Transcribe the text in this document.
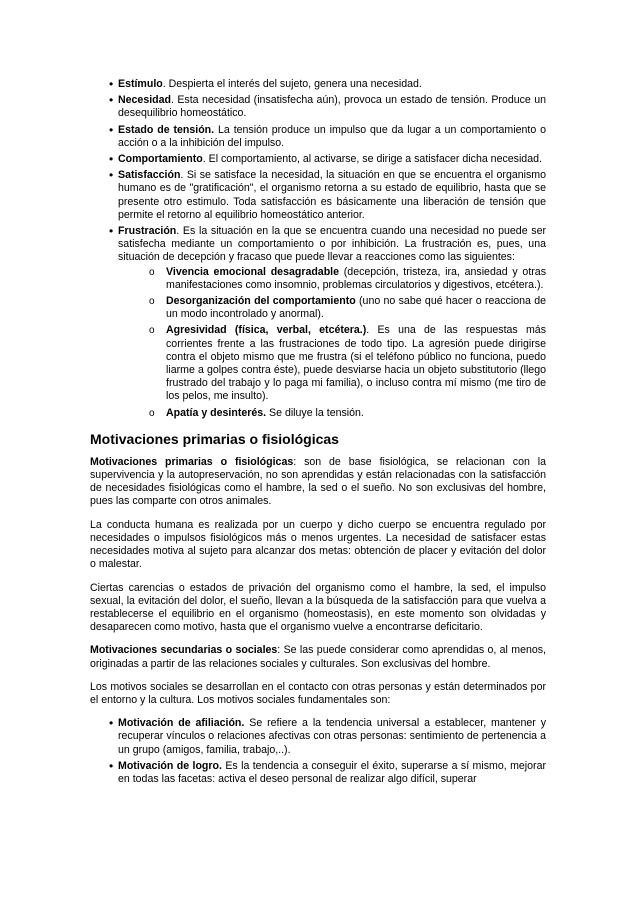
• Estímulo. Despierta el interés del sujeto, genera una necesidad.
• Necesidad. Esta necesidad (insatisfecha aún), provoca un estado de tensión. Produce un desequilibrio homeostático.
• Estado de tensión. La tensión produce un impulso que da lugar a un comportamiento o acción o a la inhibición del impulso.
• Comportamiento. El comportamiento, al activarse, se dirige a satisfacer dicha necesidad.
• Satisfacción. Si se satisface la necesidad, la situación en que se encuentra el organismo humano es de "gratificación", el organismo retorna a su estado de equilibrio, hasta que se presente otro estimulo. Toda satisfacción es básicamente una liberación de tensión que permite el retorno al equilibrio homeostático anterior.
• Frustración. Es la situación en la que se encuentra cuando una necesidad no puede ser satisfecha mediante un comportamiento o por inhibición. La frustración es, pues, una situación de decepción y fracaso que puede llevar a reacciones como las siguientes:
o Vivencia emocional desagradable (decepción, tristeza, ira, ansiedad y otras manifestaciones como insomnio, problemas circulatorios y digestivos, etcétera.).
o Desorganización del comportamiento (uno no sabe qué hacer o reacciona de un modo incontrolado y anormal).
o Agresividad (física, verbal, etcétera.). Es una de las respuestas más corrientes frente a las frustraciones de todo tipo. La agresión puede dirigirse contra el objeto mismo que me frustra (si el teléfono público no funciona, puedo liarme a golpes contra éste), puede desviarse hacia un objeto substitutorio (llego frustrado del trabajo y lo paga mi familia), o incluso contra mí mismo (me tiro de los pelos, me insulto).
o Apatía y desinterés. Se diluye la tensión.
Motivaciones primarias o fisiológicas

Motivaciones primarias o fisiológicas: son de base fisiológica, se relacionan con la supervivencia y la autopreservación, no son aprendidas y están relacionadas con la satisfacción de necesidades fisiológicas como el hambre, la sed o el sueño. No son exclusivas del hombre, pues las comparte con otros animales.

La conducta humana es realizada por un cuerpo y dicho cuerpo se encuentra regulado por necesidades o impulsos fisiológicos más o menos urgentes. La necesidad de satisfacer estas necesidades motiva al sujeto para alcanzar dos metas: obtención de placer y evitación del dolor o malestar.

Ciertas carencias o estados de privación del organismo como el hambre, la sed, el impulso sexual, la evitación del dolor, el sueño, llevan a la búsqueda de la satisfacción para que vuelva a restablecerse el equilibrio en el organismo (homeostasis), en este momento son olvidadas y desaparecen como motivo, hasta que el organismo vuelve a encontrarse deficitario.

Motivaciones secundarias o sociales: Se las puede considerar como aprendidas o, al menos, originadas a partir de las relaciones sociales y culturales. Son exclusivas del hombre.

Los motivos sociales se desarrollan en el contacto con otras personas y están determinados por el entorno y la cultura. Los motivos sociales fundamentales son:

• Motivación de afiliación. Se refiere a la tendencia universal a establecer, mantener y recuperar vínculos o relaciones afectivas con otras personas: sentimiento de pertenencia a un grupo (amigos, familia, trabajo,..).
• Motivación de logro. Es la tendencia a conseguir el éxito, superarse a sí mismo, mejorar en todas las facetas: activa el deseo personal de realizar algo difícil, superar
